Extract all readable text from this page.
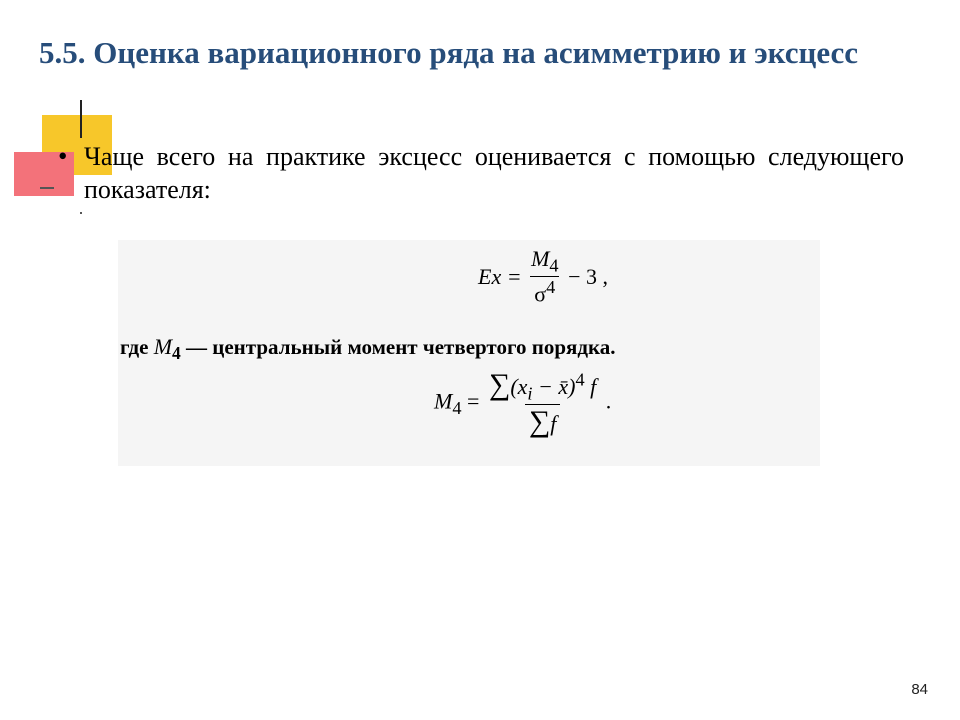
5.5. Оценка вариационного ряда на асимметрию и эксцесс
• Чаще всего на практике эксцесс оценивается с помощью следующего показателя:

$Ex = \frac{M_4}{\sigma^4} - 3$ ,
где $M_4$ — центральный момент четвертого порядка.
$M_4 = \frac{\sum(x_i - x̄)^4 f}{\sum f}$ .
84
